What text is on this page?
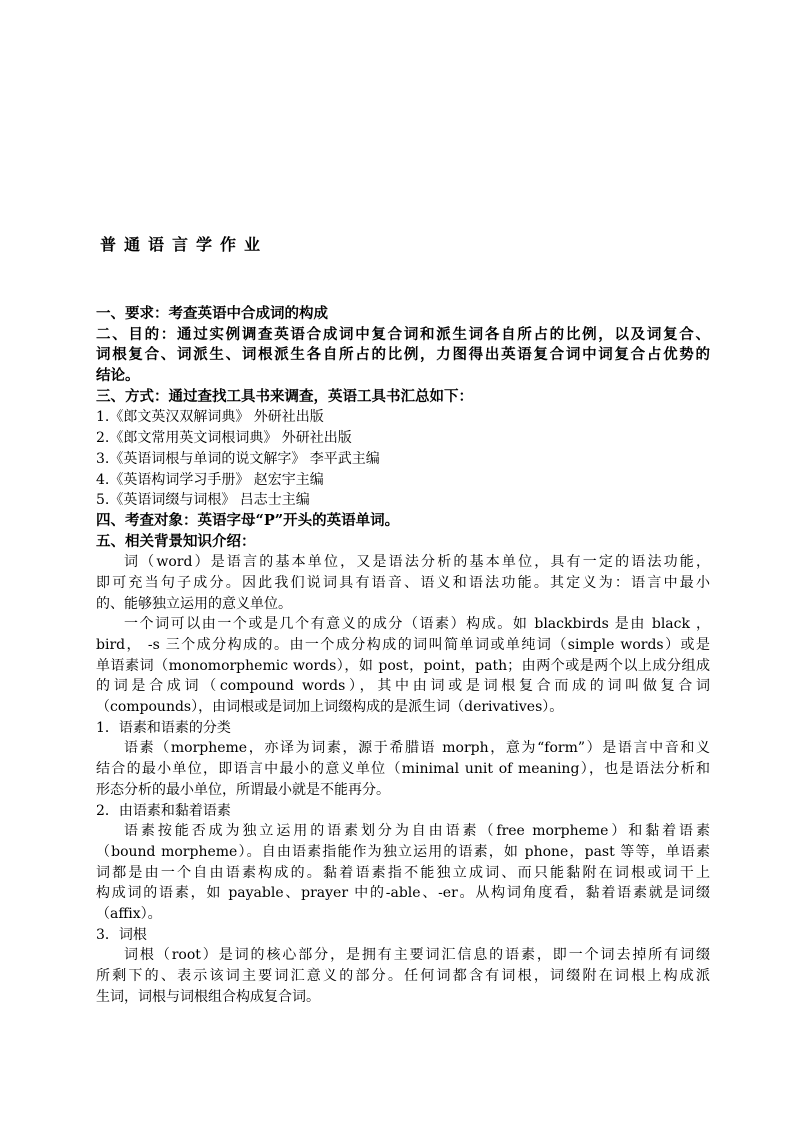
普通语言学作业
一、要求：考查英语中合成词的构成
二、目的：通过实例调查英语合成词中复合词和派生词各自所占的比例，以及词复合、
词根复合、词派生、词根派生各自所占的比例，力图得出英语复合词中词复合占优势的
结论。
三、方式：通过查找工具书来调查，英语工具书汇总如下：
1.《郎文英汉双解词典》 外研社出版
2.《郎文常用英文词根词典》 外研社出版
3.《英语词根与单词的说文解字》 李平武主编
4.《英语构词学习手册》 赵宏宇主编
5.《英语词缀与词根》 吕志士主编
四、考查对象：英语字母“P”开头的英语单词。
五、相关背景知识介绍：
词（word）是语言的基本单位，又是语法分析的基本单位，具有一定的语法功能，
即可充当句子成分。因此我们说词具有语音、语义和语法功能。其定义为：语言中最小
的、能够独立运用的意义单位。
一个词可以由一个或是几个有意义的成分（语素）构成。如 blackbirds 是由 black ，
bird， -s 三个成分构成的。由一个成分构成的词叫简单词或单纯词（simple words）或是
单语素词（monomorphemic words），如 post，point，path；由两个或是两个以上成分组成
的词是合成词（compound words），其中由词或是词根复合而成的词叫做复合词
（compounds），由词根或是词加上词缀构成的是派生词（derivatives）。
1．语素和语素的分类
语素（morpheme，亦译为词素，源于希腊语 morph，意为“form”）是语言中音和义
结合的最小单位，即语言中最小的意义单位（minimal unit of meaning），也是语法分析和
形态分析的最小单位，所谓最小就是不能再分。
2．由语素和黏着语素
语素按能否成为独立运用的语素划分为自由语素（free morpheme）和黏着语素
（bound morpheme）。自由语素指能作为独立运用的语素，如 phone，past 等等，单语素
词都是由一个自由语素构成的。黏着语素指不能独立成词、而只能黏附在词根或词干上
构成词的语素，如 payable、prayer 中的-able、-er。从构词角度看，黏着语素就是词缀
（affix）。
3．词根
词根（root）是词的核心部分，是拥有主要词汇信息的语素，即一个词去掉所有词缀
所剩下的、表示该词主要词汇意义的部分。任何词都含有词根，词缀附在词根上构成派
生词，词根与词根组合构成复合词。
